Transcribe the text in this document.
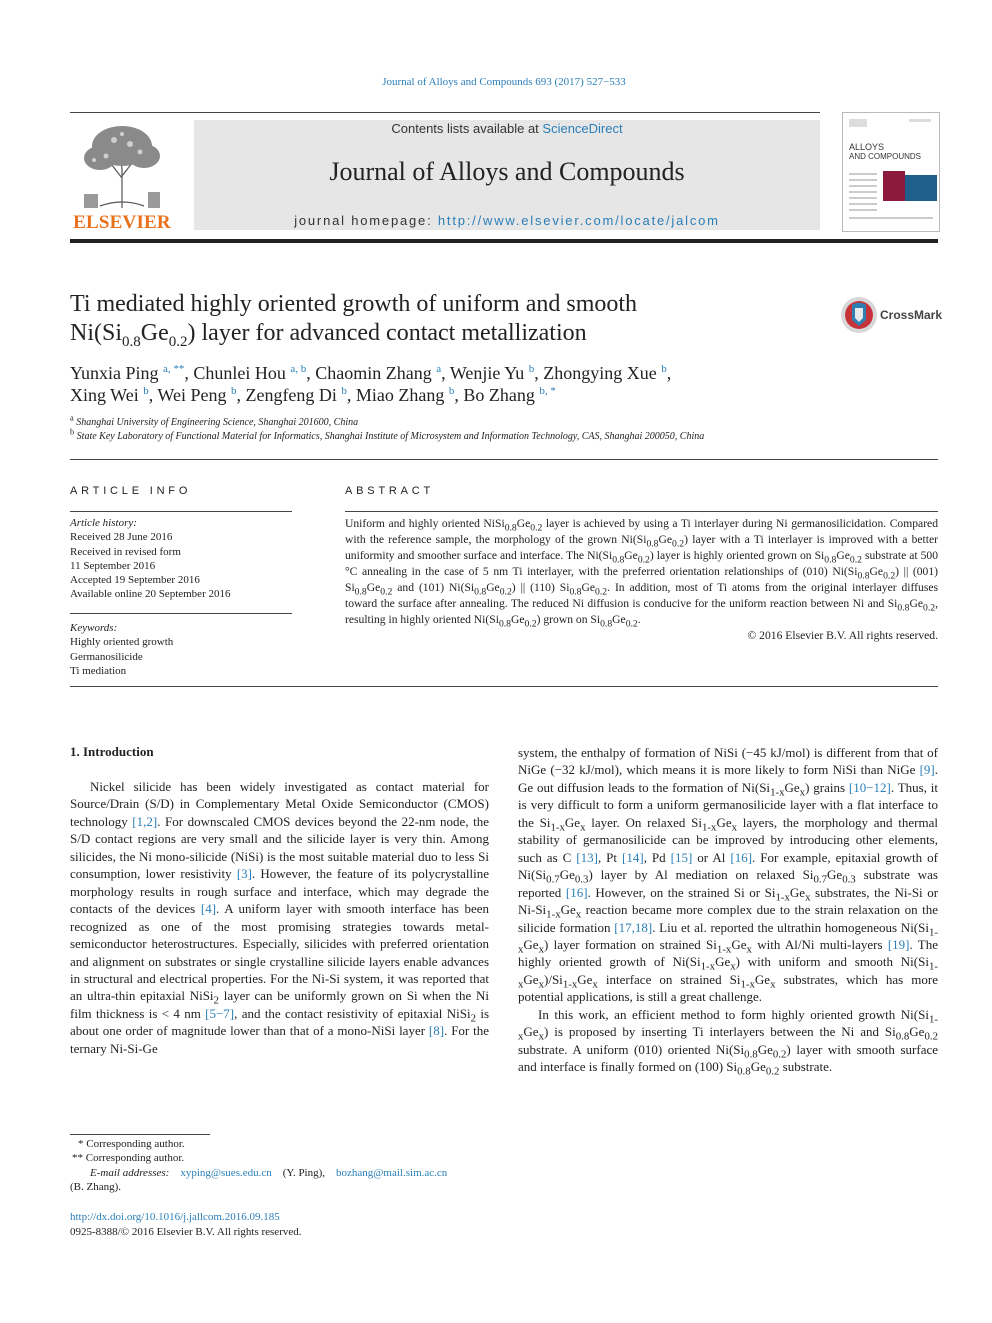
Journal of Alloys and Compounds 693 (2017) 527−533
ELSEVIER
Contents lists available at ScienceDirect
Journal of Alloys and Compounds
journal homepage: http://www.elsevier.com/locate/jalcom
ALLOYS
AND COMPOUNDS
Ti mediated highly oriented growth of uniform and smooth
$Ni(Si_{0.8}Ge_{0.2})$ layer for advanced contact metallization
CrossMark
Yunxia Ping $^{a, **}$, Chunlei Hou $^{a, b}$, Chaomin Zhang $^a$, Wenjie Yu $^b$, Zhongying Xue $^b$,
Xing Wei $^b$, Wei Peng $^b$, Zengfeng Di $^b$, Miao Zhang $^b$, Bo Zhang $^{b, *}$
$^a$ Shanghai University of Engineering Science, Shanghai 201600, China
$^b$ State Key Laboratory of Functional Material for Informatics, Shanghai Institute of Microsystem and Information Technology, CAS, Shanghai 200050, China
ARTICLE INFO
Article history:
Received 28 June 2016
Received in revised form
11 September 2016
Accepted 19 September 2016
Available online 20 September 2016
Keywords:
Highly oriented growth
Germanosilicide
Ti mediation
ABSTRACT
Uniform and highly oriented $NiSi_{0.8}Ge_{0.2}$ layer is achieved by using a Ti interlayer during Ni germanosilicidation. Compared with the reference sample, the morphology of the grown $Ni(Si_{0.8}Ge_{0.2})$ layer with a Ti interlayer is improved with a better uniformity and smoother surface and interface. The $Ni(Si_{0.8}Ge_{0.2})$ layer is highly oriented grown on $Si_{0.8}Ge_{0.2}$ substrate at 500 °C annealing in the case of 5 nm Ti interlayer, with the preferred orientation relationships of (010) $Ni(Si_{0.8}Ge_{0.2})$ || (001) $Si_{0.8}Ge_{0.2}$ and (101) $Ni(Si_{0.8}Ge_{0.2})$ || (110) $Si_{0.8}Ge_{0.2}$. In addition, most of Ti atoms from the original interlayer diffuses toward the surface after annealing. The reduced Ni diffusion is conducive for the uniform reaction between Ni and $Si_{0.8}Ge_{0.2}$, resulting in highly oriented $Ni(Si_{0.8}Ge_{0.2})$ grown on $Si_{0.8}Ge_{0.2}$.
© 2016 Elsevier B.V. All rights reserved.
1. Introduction

Nickel silicide has been widely investigated as contact material for Source/Drain (S/D) in Complementary Metal Oxide Semiconductor (CMOS) technology [1,2]. For downscaled CMOS devices beyond the 22-nm node, the S/D contact regions are very small and the silicide layer is very thin. Among silicides, the Ni mono-silicide (NiSi) is the most suitable material duo to less Si consumption, lower resistivity [3]. However, the feature of its polycrystalline morphology results in rough surface and interface, which may degrade the contacts of the devices [4]. A uniform layer with smooth interface has been recognized as one of the most promising strategies towards metal-semiconductor heterostructures. Especially, silicides with preferred orientation and alignment on substrates or single crystalline silicide layers enable advances in structural and electrical properties. For the Ni-Si system, it was reported that an ultra-thin epitaxial NiSi$_2$ layer can be uniformly grown on Si when the Ni film thickness is < 4 nm [5−7], and the contact resistivity of epitaxial NiSi$_2$ is about one order of magnitude lower than that of a mono-NiSi layer [8]. For the ternary Ni-Si-Ge

system, the enthalpy of formation of NiSi (−45 kJ/mol) is different from that of NiGe (−32 kJ/mol), which means it is more likely to form NiSi than NiGe [9]. Ge out diffusion leads to the formation of $Ni(Si_{1-x}Ge_x)$ grains [10−12]. Thus, it is very difficult to form a uniform germanosilicide layer with a flat interface to the $Si_{1-x}Ge_x$ layer. On relaxed $Si_{1-x}Ge_x$ layers, the morphology and thermal stability of germanosilicide can be improved by introducing other elements, such as C [13], Pt [14], Pd [15] or Al [16]. For example, epitaxial growth of $Ni(Si_{0.7}Ge_{0.3})$ layer by Al mediation on relaxed $Si_{0.7}Ge_{0.3}$ substrate was reported [16]. However, on the strained Si or $Si_{1-x}Ge_x$ substrates, the Ni-Si or $Ni-Si_{1-x}Ge_x$ reaction became more complex due to the strain relaxation on the silicide formation [17,18]. Liu et al. reported the ultrathin homogeneous $Ni(Si_{1-x}Ge_x)$ layer formation on strained $Si_{1-x}Ge_x$ with Al/Ni multi-layers [19]. The highly oriented growth of $Ni(Si_{1-x}Ge_x)$ with uniform and smooth $Ni(Si_{1-x}Ge_x)/Si_{1-x}Ge_x$ interface on strained $Si_{1-x}Ge_x$ substrates, which has more potential applications, is still a great challenge.

In this work, an efficient method to form highly oriented growth $Ni(Si_{1-x}Ge_x)$ is proposed by inserting Ti interlayers between the Ni and $Si_{0.8}Ge_{0.2}$ substrate. A uniform (010) oriented $Ni(Si_{0.8}Ge_{0.2})$ layer with smooth surface and interface is finally formed on (100) $Si_{0.8}Ge_{0.2}$ substrate.

* Corresponding author.
** Corresponding author.
E-mail addresses: xyping@sues.edu.cn (Y. Ping), bozhang@mail.sim.ac.cn
(B. Zhang).
http://dx.doi.org/10.1016/j.jallcom.2016.09.185
0925-8388/© 2016 Elsevier B.V. All rights reserved.
